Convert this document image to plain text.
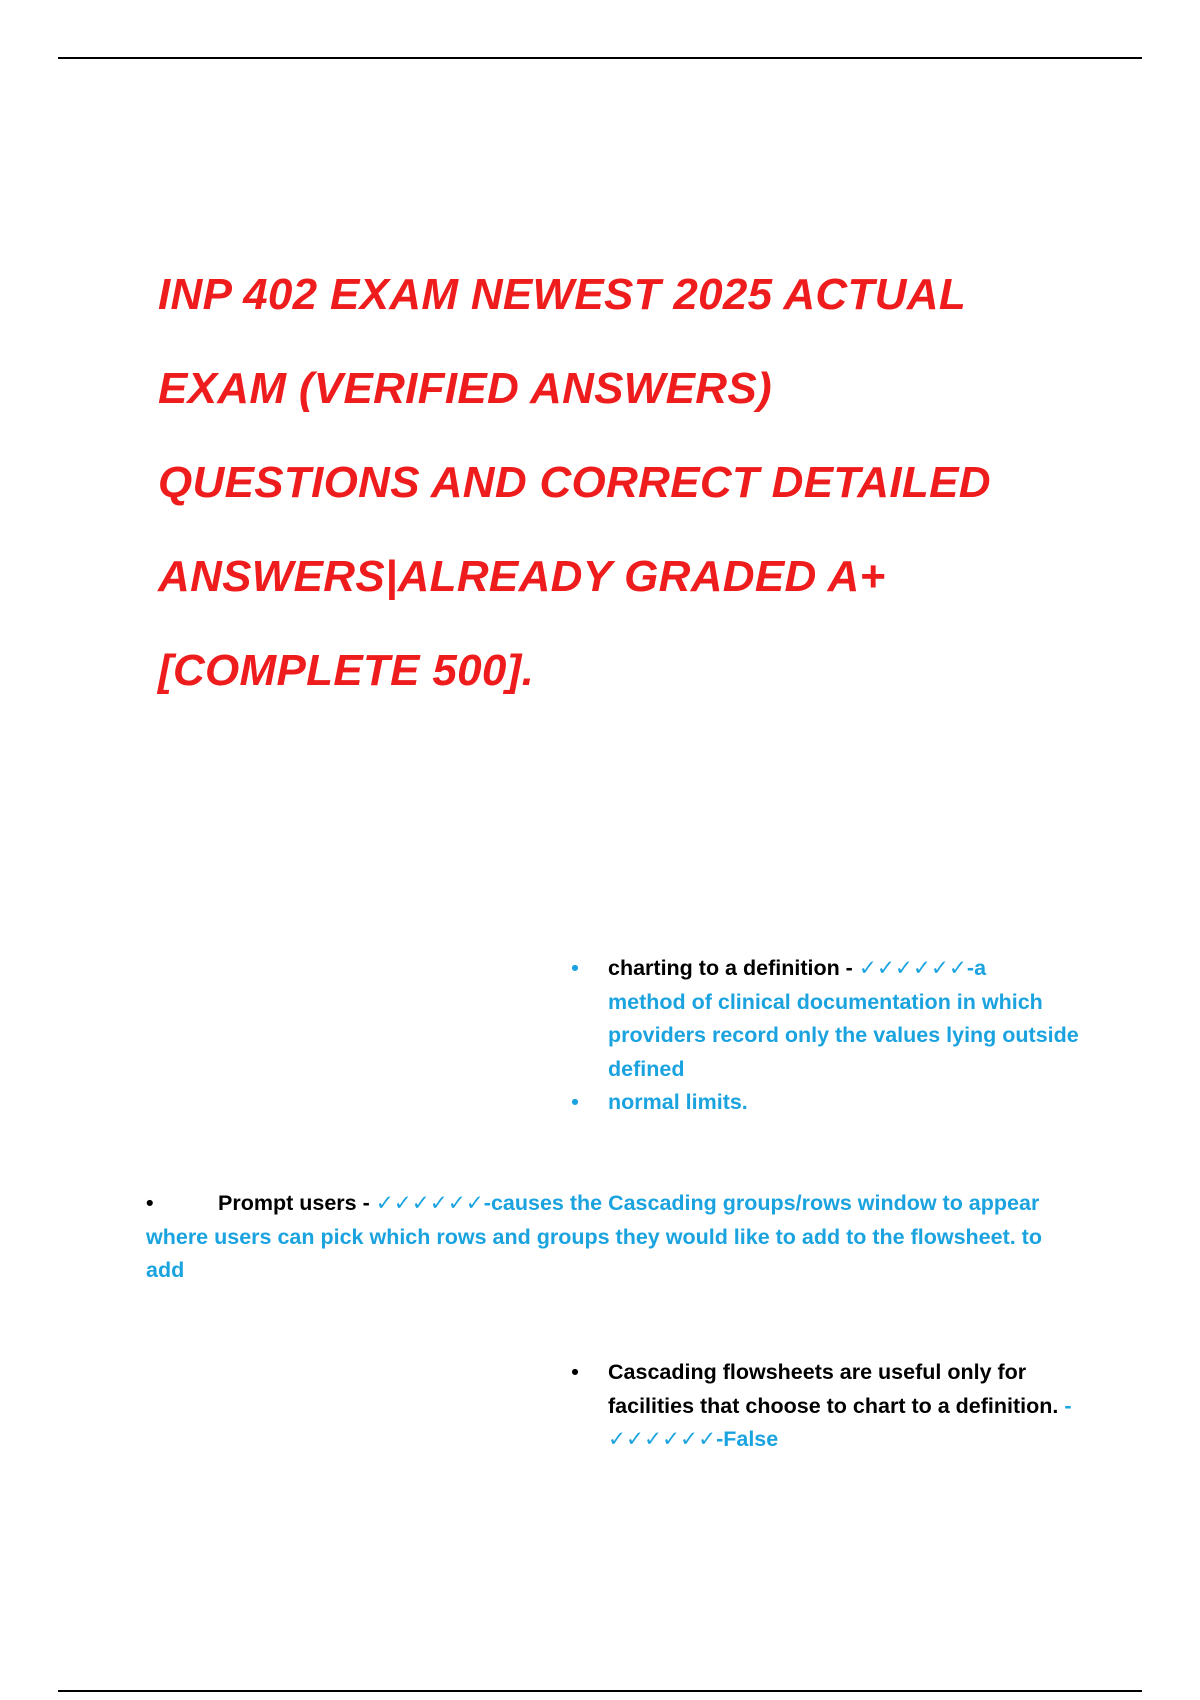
INP 402 EXAM NEWEST 2025 ACTUAL
EXAM (VERIFIED ANSWERS)
QUESTIONS AND CORRECT DETAILED
ANSWERS|ALREADY GRADED A+
[COMPLETE 500].
• charting to a definition - ✓✓✓✓✓✓-a
method of clinical documentation in which providers record only the values lying outside defined
• normal limits.
•	Prompt users - ✓✓✓✓✓✓-causes the Cascading groups/rows window to appear where users can pick which rows and groups they would like to add to the flowsheet. to add
• Cascading flowsheets are useful only for facilities that choose to chart to a definition. - ✓✓✓✓✓✓-False
